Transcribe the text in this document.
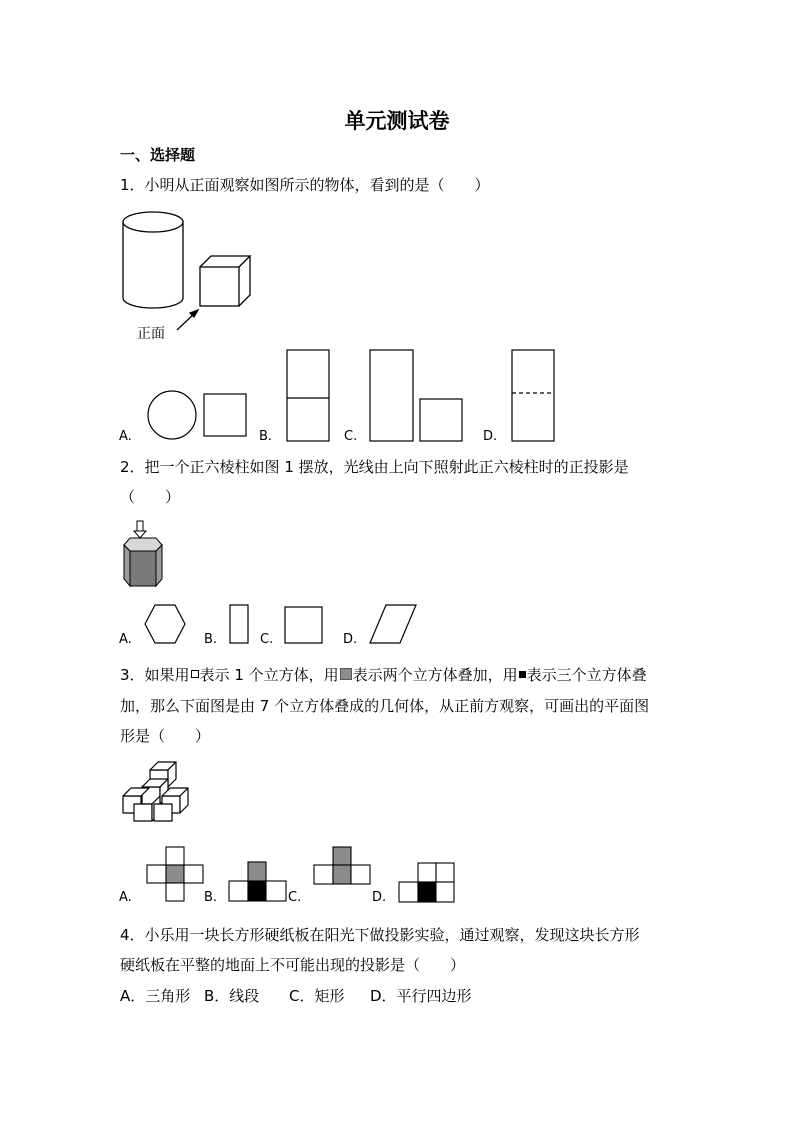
单元测试卷
一、选择题
1．小明从正面观察如图所示的物体，看到的是（　　）
正面
A.	B.	C.	D.
2．把一个正六棱柱如图 1 摆放，光线由上向下照射此正六棱柱时的正投影是
（　　）
A.	B.	C.	D.
3．如果用 表示 1 个立方体，用 表示两个立方体叠加，用 表示三个立方体叠
加，那么下面图是由 7 个立方体叠成的几何体，从正前方观察，可画出的平面图
形是（　　）
A.	B.	C.	D.
4．小乐用一块长方形硬纸板在阳光下做投影实验，通过观察，发现这块长方形
硬纸板在平整的地面上不可能出现的投影是（　　）
A．三角形 B．线段 C．矩形 D．平行四边形
